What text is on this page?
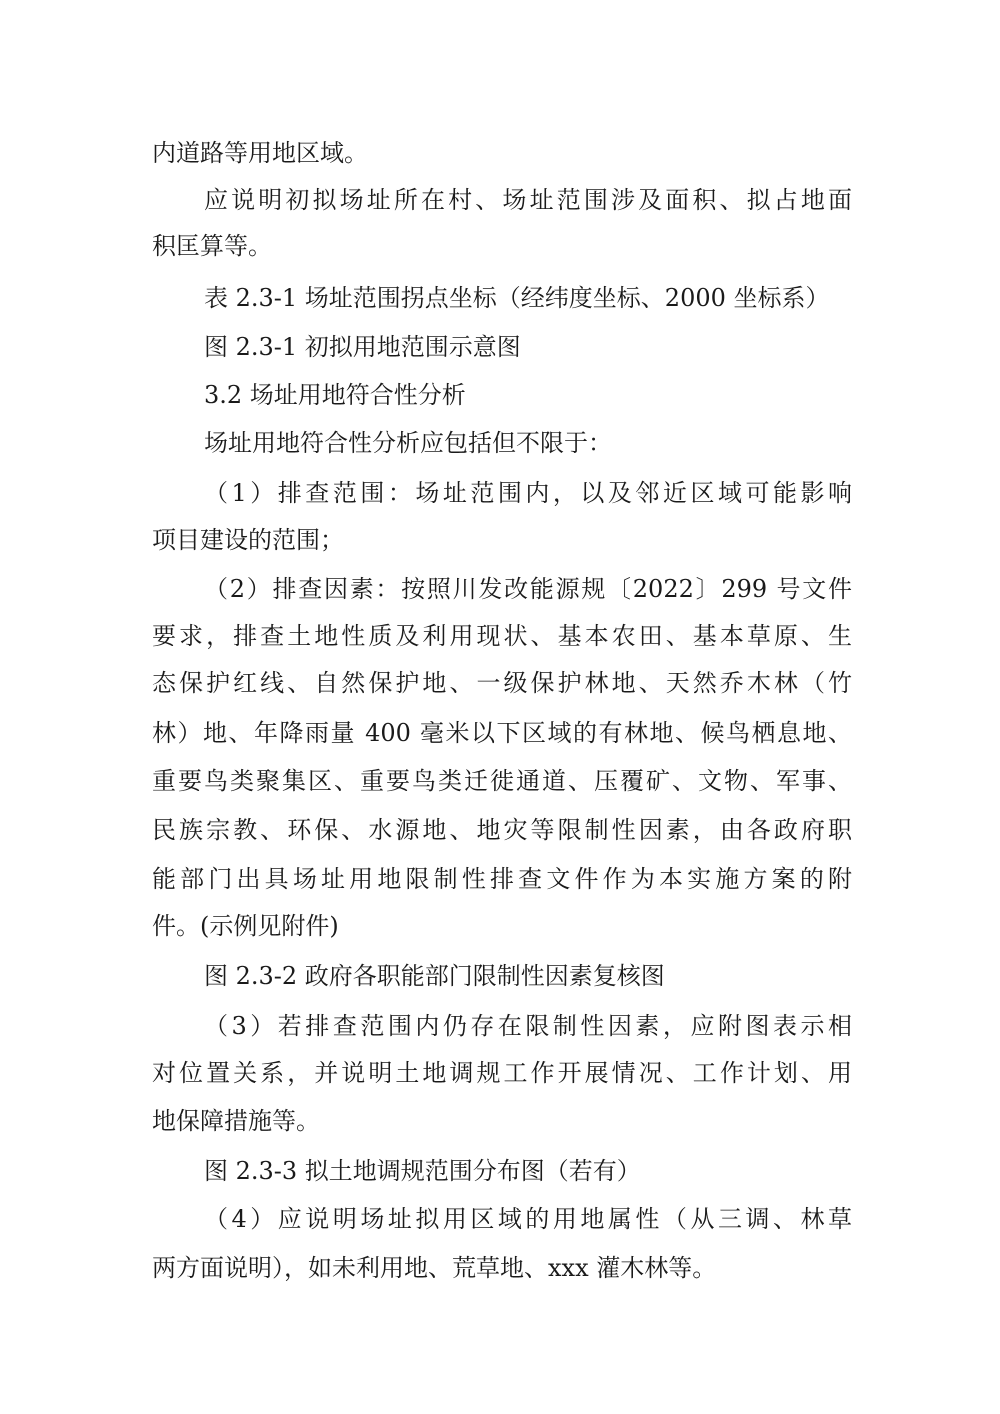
内道路等用地区域。
应说明初拟场址所在村、场址范围涉及面积、拟占地面
积匡算等。
表 2.3-1 场址范围拐点坐标（经纬度坐标、2000 坐标系）
图 2.3-1 初拟用地范围示意图
3.2 场址用地符合性分析
场址用地符合性分析应包括但不限于：
（1）排查范围：场址范围内，以及邻近区域可能影响
项目建设的范围；
（2）排查因素：按照川发改能源规〔2022〕299 号文件
要求，排查土地性质及利用现状、基本农田、基本草原、生
态保护红线、自然保护地、一级保护林地、天然乔木林（竹
林）地、年降雨量 400 毫米以下区域的有林地、候鸟栖息地、
重要鸟类聚集区、重要鸟类迁徙通道、压覆矿、文物、军事、
民族宗教、环保、水源地、地灾等限制性因素，由各政府职
能部门出具场址用地限制性排查文件作为本实施方案的附
件。(示例见附件)
图 2.3-2 政府各职能部门限制性因素复核图
（3）若排查范围内仍存在限制性因素，应附图表示相
对位置关系，并说明土地调规工作开展情况、工作计划、用
地保障措施等。
图 2.3-3 拟土地调规范围分布图（若有）
（4）应说明场址拟用区域的用地属性（从三调、林草
两方面说明），如未利用地、荒草地、xxx 灌木林等。
